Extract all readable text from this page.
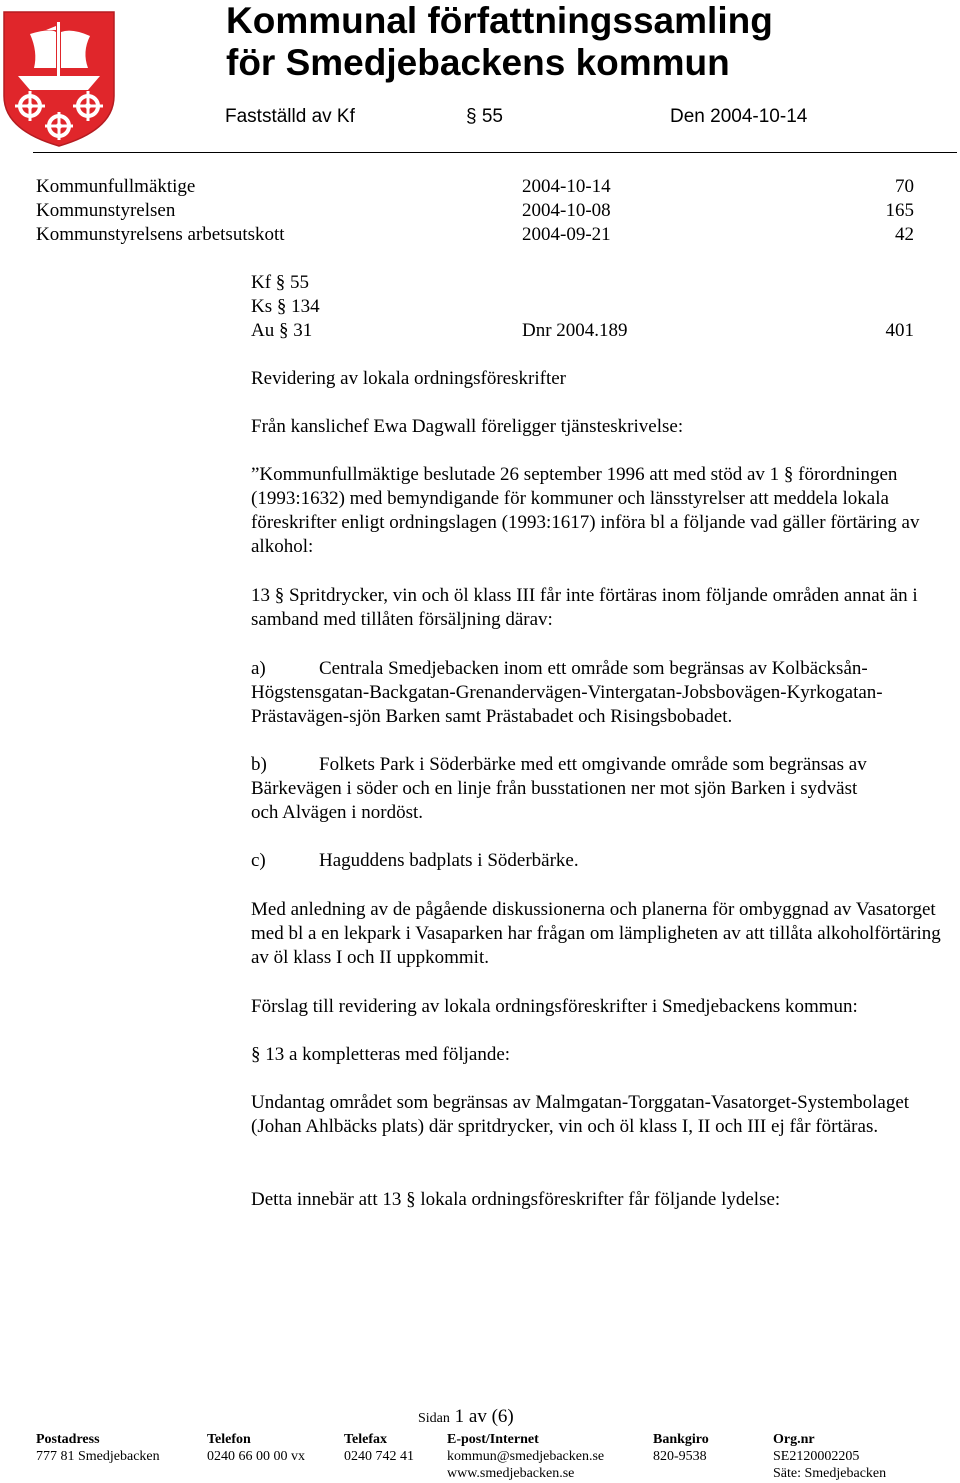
Kommunal författningssamling
för Smedjebackens kommun
Fastställd av Kf	§ 55	Den 2004-10-14
Kommunfullmäktige	2004-10-14	70
Kommunstyrelsen	2004-10-08	165
Kommunstyrelsens arbetsutskott	2004-09-21	42
Kf § 55
Ks § 134
Au § 31	Dnr 2004.189	401
Revidering av lokala ordningsföreskrifter
Från kanslichef Ewa Dagwall föreligger tjänsteskrivelse:
”Kommunfullmäktige beslutade 26 september 1996 att med stöd av 1 § förordningen (1993:1632) med bemyndigande för kommuner och länsstyrelser att meddela lokala föreskrifter enligt ordningslagen (1993:1617) införa bl a följande vad gäller förtäring av alkohol:
13 § Spritdrycker, vin och öl klass III får inte förtäras inom följande områden annat än i samband med tillåten försäljning därav:
a)	Centrala Smedjebacken inom ett område som begränsas av Kolbäcksån-
Högstensgatan-Backgatan-Grenandervägen-Vintergatan-Jobsbovägen-Kyrkogatan-
Prästavägen-sjön Barken samt Prästabadet och Risingsbobadet.
b)	Folkets Park i Söderbärke med ett omgivande område som begränsas av
Bärkevägen i söder och en linje från busstationen ner mot sjön Barken i sydväst
och Alvägen i nordöst.
c)	Haguddens badplats i Söderbärke.
Med anledning av de pågående diskussionerna och planerna för ombyggnad av Vasatorget med bl a en lekpark i Vasaparken har frågan om lämpligheten av att tillåta alkoholförtäring av öl klass I och II uppkommit.
Förslag till revidering av lokala ordningsföreskrifter i Smedjebackens kommun:
§ 13 a kompletteras med följande:
Undantag området som begränsas av Malmgatan-Torggatan-Vasatorget-Systembolaget (Johan Ahlbäcks plats) där spritdrycker, vin och öl klass I, II och III ej får förtäras.
Detta innebär att 13 § lokala ordningsföreskrifter får följande lydelse:
Sidan 1 av (6)
Postadress
777 81 Smedjebacken
Telefon
0240 66 00 00 vx
Telefax
0240 742 41
E-post/Internet
kommun@smedjebacken.se
www.smedjebacken.se
Bankgiro
820-9538
Org.nr
SE2120002205
Säte: Smedjebacken
